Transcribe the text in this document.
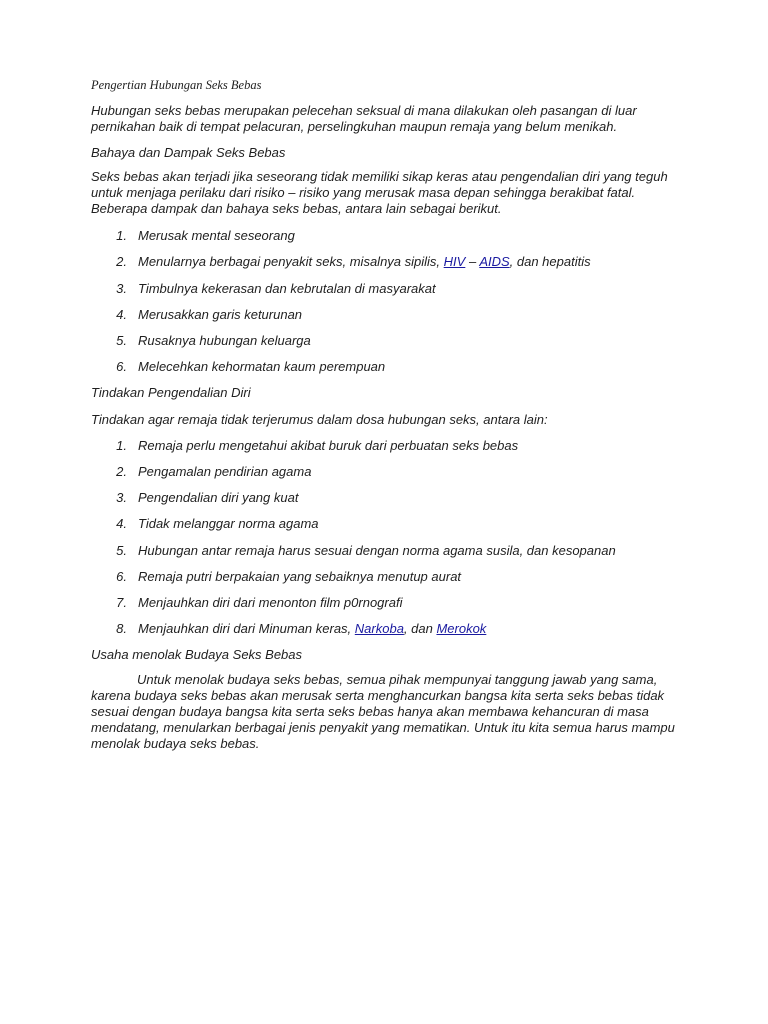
Pengertian Hubungan Seks Bebas
Hubungan seks bebas merupakan pelecehan seksual di mana dilakukan oleh pasangan di luar pernikahan baik di tempat pelacuran, perselingkuhan maupun remaja yang belum menikah.
Bahaya dan Dampak Seks Bebas
Seks bebas akan terjadi jika seseorang tidak memiliki sikap keras atau pengendalian diri yang teguh untuk menjaga perilaku dari risiko – risiko yang merusak masa depan sehingga berakibat fatal. Beberapa dampak dan bahaya seks bebas, antara lain sebagai berikut.
1. Merusak mental seseorang
2. Menularnya berbagai penyakit seks, misalnya sipilis, HIV – AIDS, dan hepatitis
3. Timbulnya kekerasan dan kebrutalan di masyarakat
4. Merusakkan garis keturunan
5. Rusaknya hubungan keluarga
6. Melecehkan kehormatan kaum perempuan
Tindakan Pengendalian Diri
Tindakan agar remaja tidak terjerumus dalam dosa hubungan seks, antara lain:
1. Remaja perlu mengetahui akibat buruk dari perbuatan seks bebas
2. Pengamalan pendirian agama
3. Pengendalian diri yang kuat
4. Tidak melanggar norma agama
5. Hubungan antar remaja harus sesuai dengan norma agama susila, dan kesopanan
6. Remaja putri berpakaian yang sebaiknya menutup aurat
7. Menjauhkan diri dari menonton film p0rnografi
8. Menjauhkan diri dari Minuman keras, Narkoba, dan Merokok
Usaha menolak Budaya Seks Bebas
Untuk menolak budaya seks bebas, semua pihak mempunyai tanggung jawab yang sama, karena budaya seks bebas akan merusak serta menghancurkan bangsa kita serta seks bebas tidak sesuai dengan budaya bangsa kita serta seks bebas hanya akan membawa kehancuran di masa mendatang, menularkan berbagai jenis penyakit yang mematikan. Untuk itu kita semua harus mampu menolak budaya seks bebas.
